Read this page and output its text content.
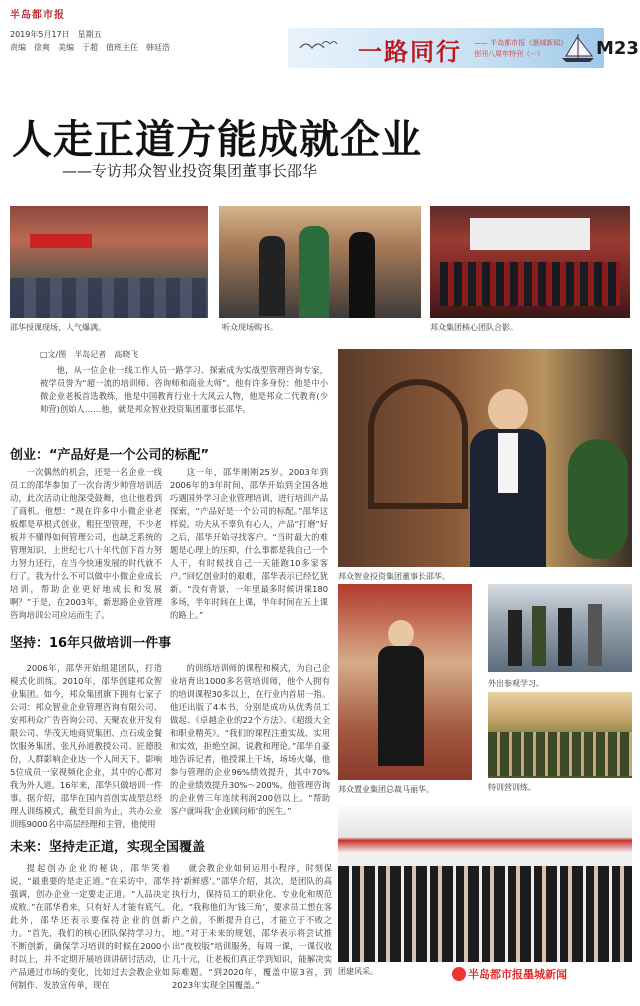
半岛都市报
2019年5月17日　星期五
责编　徐爽　美编　于超　值班主任　韩廷浩	一路同行 —— 半岛都市报《墨城新闻》
创刊八周年特刊（一）	M23
人走正道方能成就企业
——专访邦众智业投资集团董事长邵华
邵华授课现场，人气爆满。	听众现场购书。	邦众集团核心团队合影。
□文/图　半岛记者　高晓飞
他，从一位企业一线工作人员一路学习、探索成为实战型管理咨询专家，被学员誉为“超一流的培训师、咨询师和商业大师”。他有许多身份：他是中小微企业老板首选教练，他是中国教育行业十大风云人物，他是邦众二代教育(少帅营)创始人……他，就是邦众智业投资集团董事长邵华。
邦众智业投资集团董事长邵华。
创业：“产品好是一个公司的标配”
一次偶然的机会，还是一名企业一线员工的邵华参加了一次台湾少帅营培训活动，此次活动让他深受鼓舞，也让他看到了商机。他想：“现在许多中小微企业老板都是草根式创业，粗狂型管理，不少老板并不懂得如何管理公司，也缺乏系统的管理知识，上世纪七八十年代创下首力努力努力还行，在当今快速发展的时代就不行了。我为什么不可以做中小微企业成长培训，帮助企业更好地成长和发展啊？”于是，在2003年，新思路企业管理咨询培训公司应运而生了。
这一年，邵华刚刚25岁。2003年到2006年的3年时间，邵华开始到全国各地巧遇国外学习企业管理培训，进行培训产品探索，“产品好是一个公司的标配。”邵华这样说。功夫从不辜负有心人，产品“打磨”好之后，邵华开始寻找客户。“当时最大的难题是心理上的压抑，什么事都是我自己一个人干，有时候找自己一天能跑10多家客户。”回忆创业时的艰难，邵华表示已经忆犹新。“没有背景，一年里最多时候讲课180多场，半年时间在上课，半年时间在五上课的路上。”
邦众置业集团总裁马丽华。
外出参观学习。
特训营训练。
坚持：16年只做培训一件事
2006年，邵华开始组建团队，打造模式化训练。2010年，邵华创建邦众智业集团。如今，邦众集团旗下拥有七家子公司：邦众智业企业管理咨询有限公司、安邦利众广告咨询公司、天聚农业开发有限公司、华茂天地商贸集团、点石成金餐饮服务集团、张凡孙道教授公司、匠德股份，人群影响企业达一个人间天下，影响5位成员一家视频化企业，其中的心都对我为外人道。16年来，邵华只做培训一件事。据介绍，邵华在国内首创实战型总经理人训练模式，截至目前为止，共办公业训练9000名中高层经理和主管，他使用
的训练培训师的课程和模式，为自己企业培育出1000多名管培训师，他个人拥有的培训课程30多以上，在行业内首屈一指。他还出版了4本书，分别是成功从优秀员工做起、《卓越企业的22个方法》、《超级大全和职业精英》。“我们的课程注重实战、实用和实效，拒绝空洞、说教和理论。”邵华自豪地告诉记者，他授课上干场，场场火爆，他参与管理的企业96%绩效提升，其中70%的企业绩效提升30%～200%。他管理咨询的企业曾三年连续利润200倍以上。“帮助客户就叫我‘企业顾问师’的医生。”
未来：坚持走正道，实现全国覆盖
提起创办企业的秘诀，邵华笑着说，“最重要的是走正道。”在采访中，邵华强调，创办企业一定要走正道。“人品决定成败。”在邵华看来，只有好人才能有底气。此外，邵华还表示要保持企业的创新力。“首先，我们的核心团队保持学习力，不断创新，确保学习培训的时候在2000小时以上，并不定期开展培训讲研讨活动，让产品通过市场的变化，比如过去会教企业如何制作、发放宣传单，现在
就会教企业如何运用小程序，时刻保持‘新鲜感’。”邵华介绍，其次，是团队的高执行力，保持员工的职业化、专业化和规范化。“我称他们为‘钱三角’，要求员工想在客户之前，不断提升自己，才能立于不败之地。”对于未来的规划，邵华表示将尝试推出“夜校版”培训服务，每周一课，一课仅收几十元，让老板们真正学到知识，能解决实际难题。“到2020年，覆盖中原3省，到2023年实现全国覆盖。”
团建风采。	半岛都市报墨城新闻
